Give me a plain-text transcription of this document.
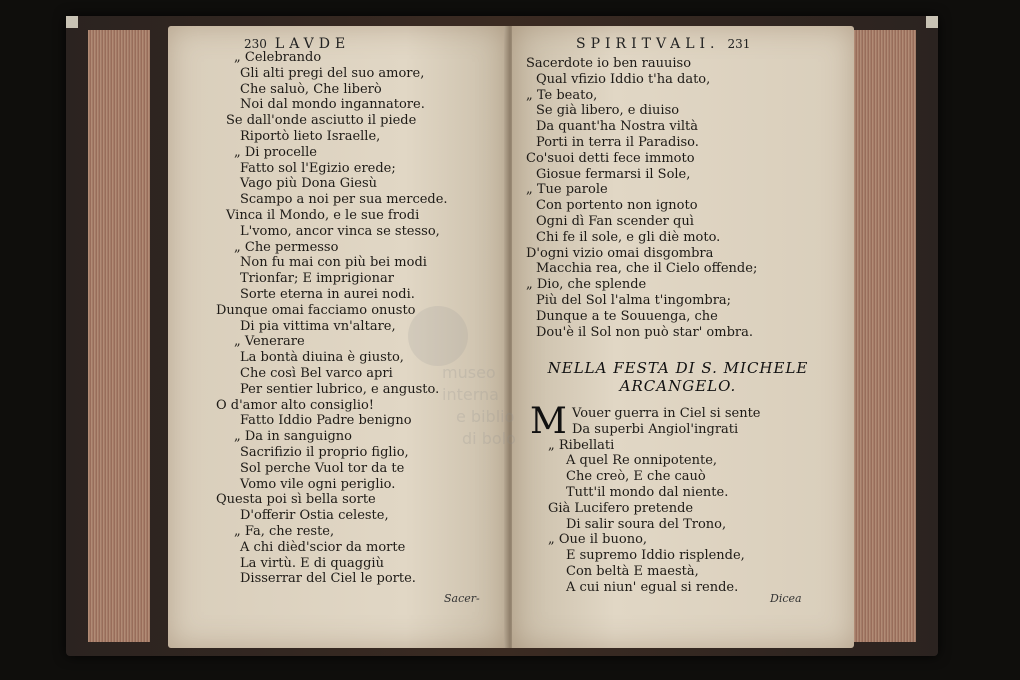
230 LAVDE
„ Celebrando
Gli alti pregi del suo amore,
Che saluò, Che liberò
Noi dal mondo ingannatore.
Se dall'onde asciutto il piede
Riportò lieto Israelle,
„ Di procelle
Fatto sol l'Egizio erede;
Vago più Dona Giesù
Scampo a noi per sua mercede.
Vinca il Mondo, e le sue frodi
L'vomo, ancor vinca se stesso,
„ Che permesso
Non fu mai con più bei modi
Trionfar; E imprigionar
Sorte eterna in aurei nodi.
Dunque omai facciamo onusto
Di pia vittima vn'altare,
„ Venerare
La bontà diuina è giusto,
Che così Bel varco apri
Per sentier lubrico, e angusto.
O d'amor alto consiglio!
Fatto Iddio Padre benigno
„ Da in sanguigno
Sacrifizio il proprio figlio,
Sol perche Vuol tor da te
Vomo vile ogni periglio.
Questa poi sì bella sorte
D'offerir Ostia celeste,
„ Fa, che reste,
A chi dièd'scior da morte
La virtù. E di quaggiù
Disserrar del Ciel le porte.
Sacer-
SPIRITVALI. 231
Sacerdote io ben rauuiso
Qual vfizio Iddio t'ha dato,
„ Te beato,
Se già libero, e diuiso
Da quant'ha Nostra viltà
Porti in terra il Paradiso.
Co'suoi detti fece immoto
Giosue fermarsi il Sole,
„ Tue parole
Con portento non ignoto
Ogni dì Fan scender quì
Chi fe il sole, e gli diè moto.
D'ogni vizio omai disgombra
Macchia rea, che il Cielo offende;
„ Dio, che splende
Più del Sol l'alma t'ingombra;
Dunque a te Souuenga, che
Dou'è il Sol non può star' ombra.
NELLA FESTA DI S. MICHELE
ARCANGELO.
M Vouer guerra in Ciel si sente
Da superbi Angiol'ingrati
„ Ribellati
A quel Re onnipotente,
Che creò, E che cauò
Tutt'il mondo dal niente.
Già Lucifero pretende
Di salir soura del Trono,
„ Oue il buono,
E supremo Iddio risplende,
Con beltà E maestà,
A cui niun' egual si rende.
Dicea
museo interna
e biblio
di bolo
